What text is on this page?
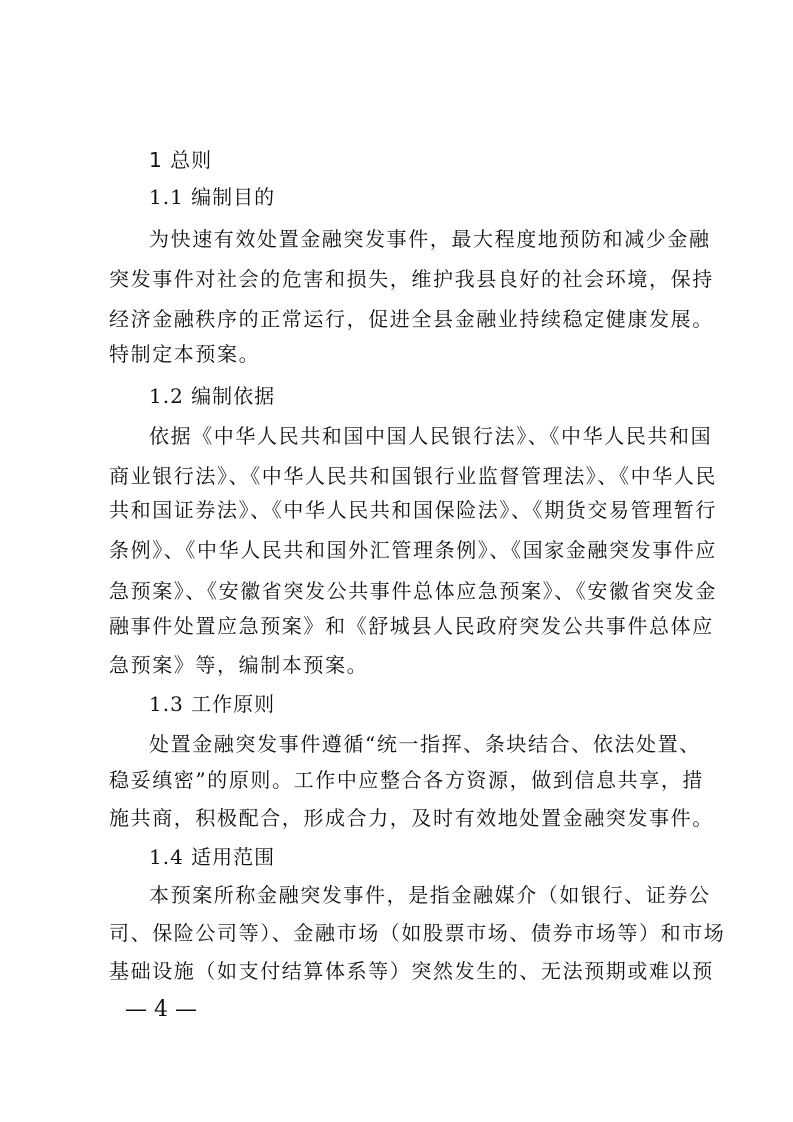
1 总则

1.1 编制目的

为快速有效处置金融突发事件，最大程度地预防和减少金融

突发事件对社会的危害和损失，维护我县良好的社会环境，保持

经济金融秩序的正常运行，促进全县金融业持续稳定健康发展。

特制定本预案。

1.2 编制依据

依据《中华人民共和国中国人民银行法》、《中华人民共和国

商业银行法》、《中华人民共和国银行业监督管理法》、《中华人民

共和国证券法》、《中华人民共和国保险法》、《期货交易管理暂行

条例》、《中华人民共和国外汇管理条例》、《国家金融突发事件应

急预案》、《安徽省突发公共事件总体应急预案》、《安徽省突发金

融事件处置应急预案》和《舒城县人民政府突发公共事件总体应

急预案》等，编制本预案。

1.3 工作原则

处置金融突发事件遵循“统一指挥、条块结合、依法处置、

稳妥缜密”的原则。工作中应整合各方资源，做到信息共享，措

施共商，积极配合，形成合力，及时有效地处置金融突发事件。

1.4 适用范围

本预案所称金融突发事件，是指金融媒介（如银行、证券公

司、保险公司等）、金融市场（如股票市场、债券市场等）和市场

基础设施（如支付结算体系等）突然发生的、无法预期或难以预

— 4 —
